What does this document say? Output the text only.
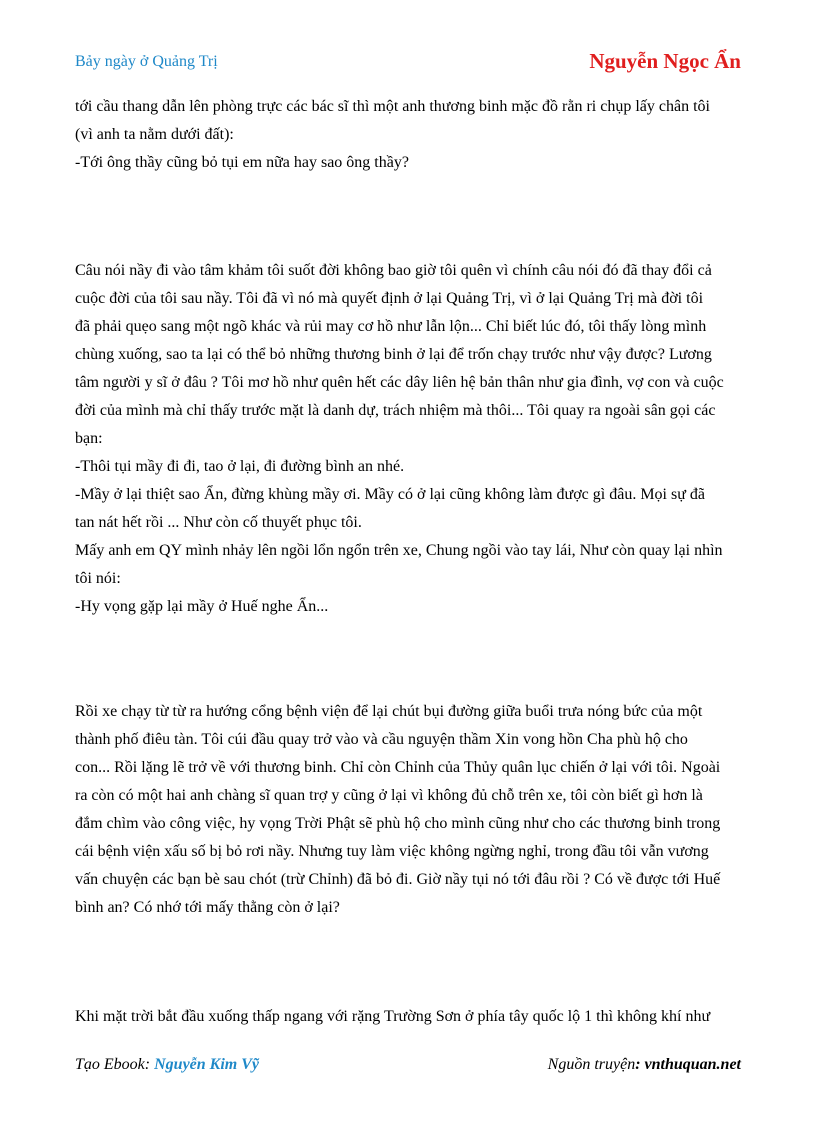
Bảy ngày ở Quảng Trị	Nguyễn Ngọc Ẩn

tới cầu thang dẫn lên phòng trực các bác sĩ thì một anh thương binh mặc đồ rằn ri chụp lấy chân tôi

(vì anh ta nằm dưới đất):

-Tới ông thầy cũng bỏ tụi em nữa hay sao ông thầy?

Câu nói nầy đi vào tâm khảm tôi suốt đời không bao giờ tôi quên vì chính câu nói đó đã thay đổi cả

cuộc đời của tôi sau nầy. Tôi đã vì nó mà quyết định ở lại Quảng Trị, vì ở lại Quảng Trị mà đời tôi

đã phải quẹo sang một ngõ khác và rủi may cơ hồ như lẫn lộn... Chỉ biết lúc đó, tôi thấy lòng mình

chùng xuống, sao ta lại có thể bỏ những thương binh ở lại để trốn chạy trước như vậy được? Lương

tâm người y sĩ ở đâu ? Tôi mơ hồ như quên hết các dây liên hệ bản thân như gia đình, vợ con và cuộc

đời của mình mà chỉ thấy trước mặt là danh dự, trách nhiệm mà thôi... Tôi quay ra ngoài sân gọi các

bạn:

-Thôi tụi mầy đi đi, tao ở lại, đi đường bình an nhé.

-Mầy ở lại thiệt sao Ẩn, đừng khùng mầy ơi. Mầy có ở lại cũng không làm được gì đâu. Mọi sự đã

tan nát hết rồi ... Như còn cố thuyết phục tôi.

Mấy anh em QY mình nhảy lên ngồi lổn ngổn trên xe, Chung ngồi vào tay lái, Như còn quay lại nhìn

tôi nói:

-Hy vọng gặp lại mầy ở Huế nghe Ẩn...

Rồi xe chạy từ từ ra hướng cổng bệnh viện để lại chút bụi đường giữa buổi trưa nóng bức của một

thành phố điêu tàn. Tôi cúi đầu quay trở vào và cầu nguyện thầm Xin vong hồn Cha phù hộ cho

con... Rồi lặng lẽ trở về với thương binh. Chỉ còn Chỉnh của Thủy quân lục chiến ở lại với tôi. Ngoài

ra còn có một hai anh chàng sĩ quan trợ y cũng ở lại vì không đủ chỗ trên xe, tôi còn biết gì hơn là

đắm chìm vào công việc, hy vọng Trời Phật sẽ phù hộ cho mình cũng như cho các thương binh trong

cái bệnh viện xấu số bị bỏ rơi nầy. Nhưng tuy làm việc không ngừng nghỉ, trong đầu tôi vẫn vương

vấn chuyện các bạn bè sau chót (trừ Chỉnh) đã bỏ đi. Giờ nầy tụi nó tới đâu rồi ? Có về được tới Huế

bình an? Có nhớ tới mấy thằng còn ở lại?

Khi mặt trời bắt đầu xuống thấp ngang với rặng Trường Sơn ở phía tây quốc lộ 1 thì không khí như

Tạo Ebook: Nguyễn Kim Vỹ	Nguồn truyện: vnthuquan.net
